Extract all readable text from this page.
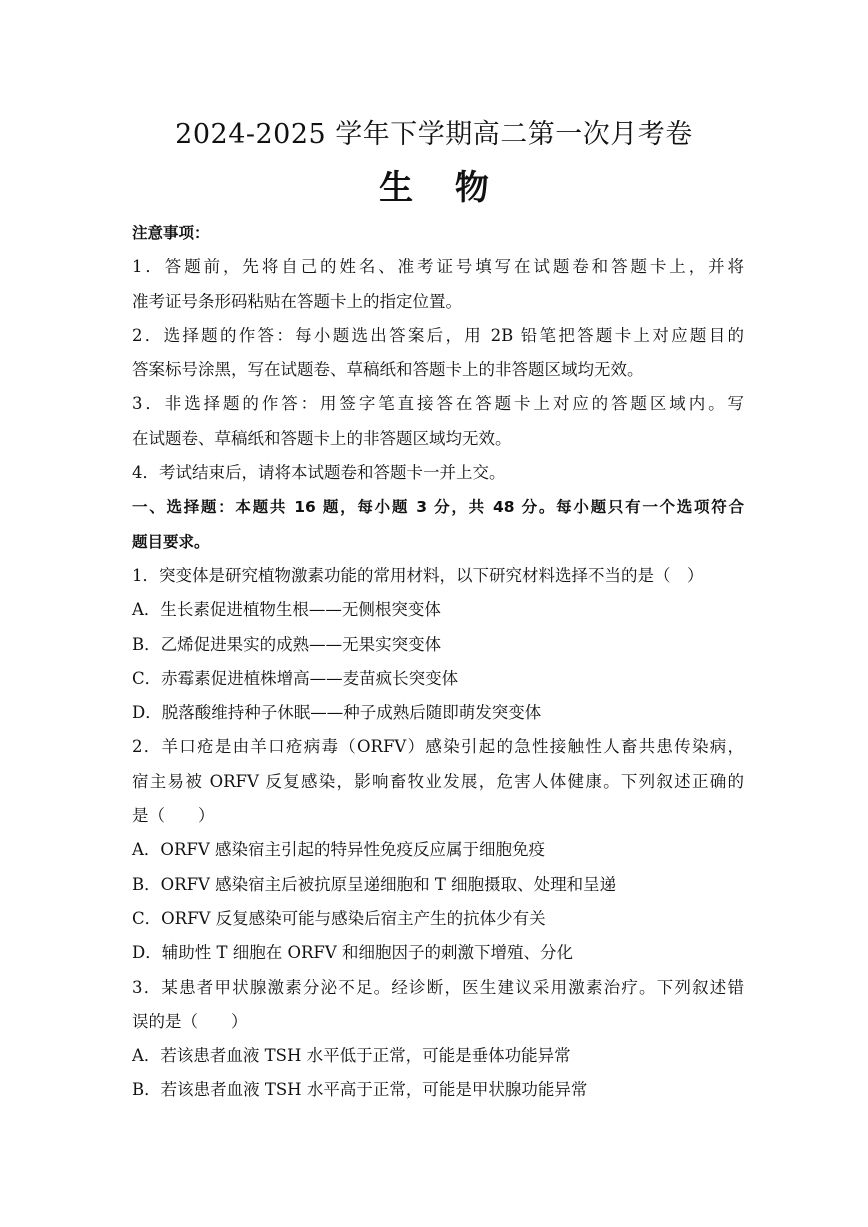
2024-2025 学年下学期高二第一次月考卷
生 物
注意事项：
1．答题前，先将自己的姓名、准考证号填写在试题卷和答题卡上，并将
准考证号条形码粘贴在答题卡上的指定位置。
2．选择题的作答：每小题选出答案后，用 2B 铅笔把答题卡上对应题目的
答案标号涂黑，写在试题卷、草稿纸和答题卡上的非答题区域均无效。
3．非选择题的作答：用签字笔直接答在答题卡上对应的答题区域内。写
在试题卷、草稿纸和答题卡上的非答题区域均无效。
4．考试结束后，请将本试题卷和答题卡一并上交。
一、选择题：本题共 16 题，每小题 3 分，共 48 分。每小题只有一个选项符合
题目要求。
1．突变体是研究植物激素功能的常用材料，以下研究材料选择不当的是（　）
A．生长素促进植物生根——无侧根突变体
B．乙烯促进果实的成熟——无果实突变体
C．赤霉素促进植株增高——麦苗疯长突变体
D．脱落酸维持种子休眠——种子成熟后随即萌发突变体
2．羊口疮是由羊口疮病毒（ORFV）感染引起的急性接触性人畜共患传染病，
宿主易被 ORFV 反复感染，影响畜牧业发展，危害人体健康。下列叙述正确的
是（　　）
A．ORFV 感染宿主引起的特异性免疫反应属于细胞免疫
B．ORFV 感染宿主后被抗原呈递细胞和 T 细胞摄取、处理和呈递
C．ORFV 反复感染可能与感染后宿主产生的抗体少有关
D．辅助性 T 细胞在 ORFV 和细胞因子的刺激下增殖、分化
3．某患者甲状腺激素分泌不足。经诊断，医生建议采用激素治疗。下列叙述错
误的是（　　）
A．若该患者血液 TSH 水平低于正常，可能是垂体功能异常
B．若该患者血液 TSH 水平高于正常，可能是甲状腺功能异常
